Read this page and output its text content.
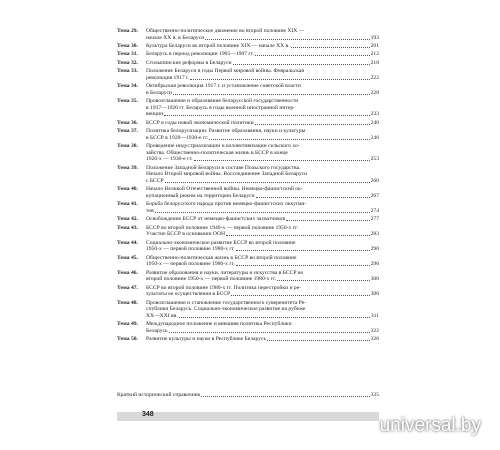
Тема 29.	Общественно-политическое движение во второй половине XIX —
начале XX в. в Беларуси	193
Тема 30.	Культура Беларуси во второй половине XIX — начале XX в.	201
Тема 31.	Беларусь в период революции 1905—1907 гг.	212
Тема 32.	Столыпинские реформы в Беларуси	218
Тема 33.	Положение Беларуси в годы Первой мировой войны. Февральская
революция 1917 г.	222
Тема 34.	Октябрьская революция 1917 г. и установление советской власти
в Беларуси	228
Тема 35.	Провозглашение и образование белорусской государственности
в 1917—1920 гг. Беларусь в годы военной иностранной интер-
венции	233
Тема 36.	БССР в годы новой экономической политики	240
Тема 37.	Политика белорусизации. Развитие образования, науки и культуры
в БССР в 1920—1930-е гг.	246
Тема 38.	Проведение индустриализации и коллективизации сельского хо-
зяйства. Общественно-политическая жизнь в БССР в конце
1920-х — 1930-е гг.	253
Тема 39.	Положение Западной Беларуси в составе Польского государства.
Начало Второй мировой войны. Воссоединение Западной Беларуси
с БССР	260
Тема 40.	Начало Великой Отечественной войны. Немецко-фашистский ок-
купационный режим на территории Беларуси	267
Тема 41.	Борьба белорусского народа против немецко-фашистских оккупан-
тов	274
Тема 42.	Освобождение БССР от немецко-фашистских захватчиков	277
Тема 43.	БССР во второй половине 1940-х — первой половине 1950-х гг.
Участие БССР в основании ООН	283
Тема 44.	Социально-экономическое развитие БССР во второй половине
1950-х — первой половине 1980-х гг.	290
Тема 45.	Общественно-политическая жизнь в БССР во второй половине
1950-х — первой половине 1980-х гг.	296
Тема 46.	Развитие образования и науки, литературы и искусства в БССР во
второй половине 1950-х — первой половине 1980-х гг.	300
Тема 47.	БССР во второй половине 1980-х гг. Политика перестройки и ре-
зультаты ее осуществления в БССР	306
Тема 48.	Провозглашение и становление государственного суверенитета Ре-
спублики Беларусь. Социально-экономическое развитие на рубеже
XX—XXI вв.	311
Тема 49.	Международное положение и внешняя политика Республики
Беларусь	322
Тема 50.	Развитие культуры и науки в Республике Беларусь	326
Краткий исторический справочник	335
348
universal.by
